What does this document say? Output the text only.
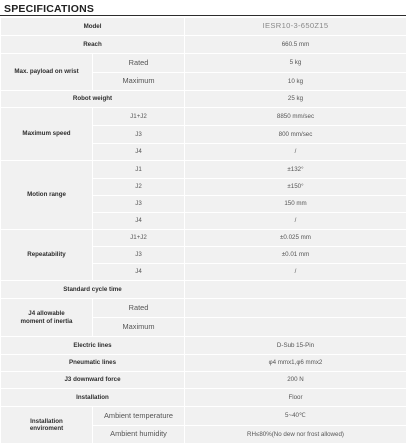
SPECIFICATIONS
Model		IESR10-3-650Z15
Reach		660.5 mm
Max. payload on wrist	Rated	5 kg
	Maximum	10 kg
Robot weight		25 kg
Maximum speed	J1+J2	8850 mm/sec
	J3	800 mm/sec
	J4	/
Motion range	J1	±132°
	J2	±150°
	J3	150 mm
	J4	/
Repeatability	J1+J2	±0.025 mm
	J3	±0.01 mm
	J4	/
Standard cycle time		
J4 allowable
moment of inertia	Rated	
	Maximum	
Electric lines		D-Sub 15-Pin
Pneumatic lines		φ4 mmx1,φ6 mmx2
J3 downward force		200 N
Installation		Floor
Installation
enviroment	Ambient temperature	5~40℃
	Ambient humidity	RH≤80%(No dew nor frost allowed)
